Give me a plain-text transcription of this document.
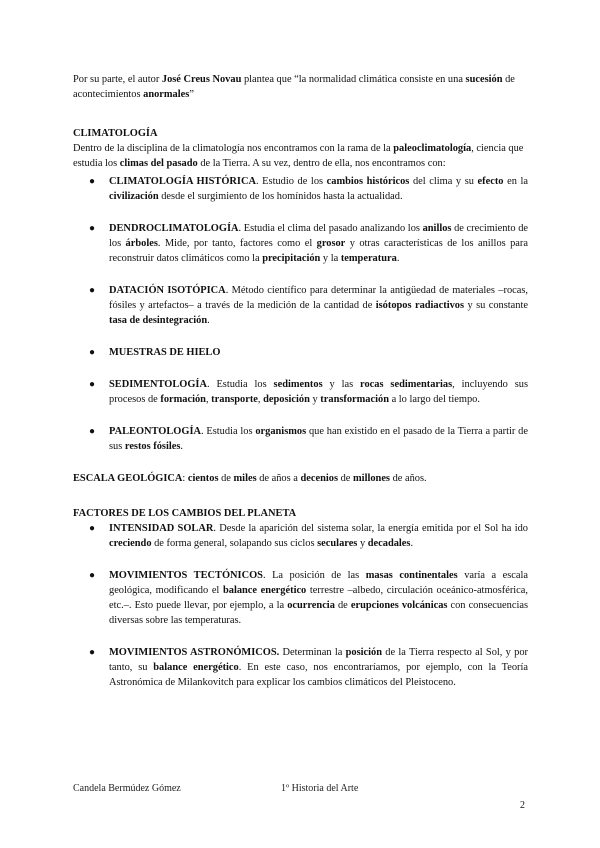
Por su parte, el autor José Creus Novau plantea que “la normalidad climática consiste en una sucesión de acontecimientos anormales”

CLIMATOLOGÍA

Dentro de la disciplina de la climatología nos encontramos con la rama de la paleoclimatología, ciencia que estudia los climas del pasado de la Tierra. A su vez, dentro de ella, nos encontramos con:

● CLIMATOLOGÍA HISTÓRICA. Estudio de los cambios históricos del clima y su efecto en la civilización desde el surgimiento de los homínidos hasta la actualidad.
● DENDROCLIMATOLOGÍA. Estudia el clima del pasado analizando los anillos de crecimiento de los árboles. Mide, por tanto, factores como el grosor y otras características de los anillos para reconstruir datos climáticos como la precipitación y la temperatura.
● DATACIÓN ISOTÓPICA. Método científico para determinar la antigüedad de materiales –rocas, fósiles y artefactos– a través de la medición de la cantidad de isótopos radiactivos y su constante tasa de desintegración.
● MUESTRAS DE HIELO
● SEDIMENTOLOGÍA. Estudia los sedimentos y las rocas sedimentarias, incluyendo sus procesos de formación, transporte, deposición y transformación a lo largo del tiempo.
● PALEONTOLOGÍA. Estudia los organismos que han existido en el pasado de la Tierra a partir de sus restos fósiles.

ESCALA GEOLÓGICA: cientos de miles de años a decenios de millones de años.

FACTORES DE LOS CAMBIOS DEL PLANETA

● INTENSIDAD SOLAR. Desde la aparición del sistema solar, la energía emitida por el Sol ha ido creciendo de forma general, solapando sus ciclos seculares y decadales.
● MOVIMIENTOS TECTÓNICOS. La posición de las masas continentales varía a escala geológica, modificando el balance energético terrestre –albedo, circulación oceánico-atmosférica, etc.–. Esto puede llevar, por ejemplo, a la ocurrencia de erupciones volcánicas con consecuencias diversas sobre las temperaturas.
● MOVIMIENTOS ASTRONÓMICOS. Determinan la posición de la Tierra respecto al Sol, y por tanto, su balance energético. En este caso, nos encontraríamos, por ejemplo, con la Teoría Astronómica de Milankovitch para explicar los cambios climáticos del Pleistoceno.
Candela Bermúdez Gómez	1º Historia del Arte
2
